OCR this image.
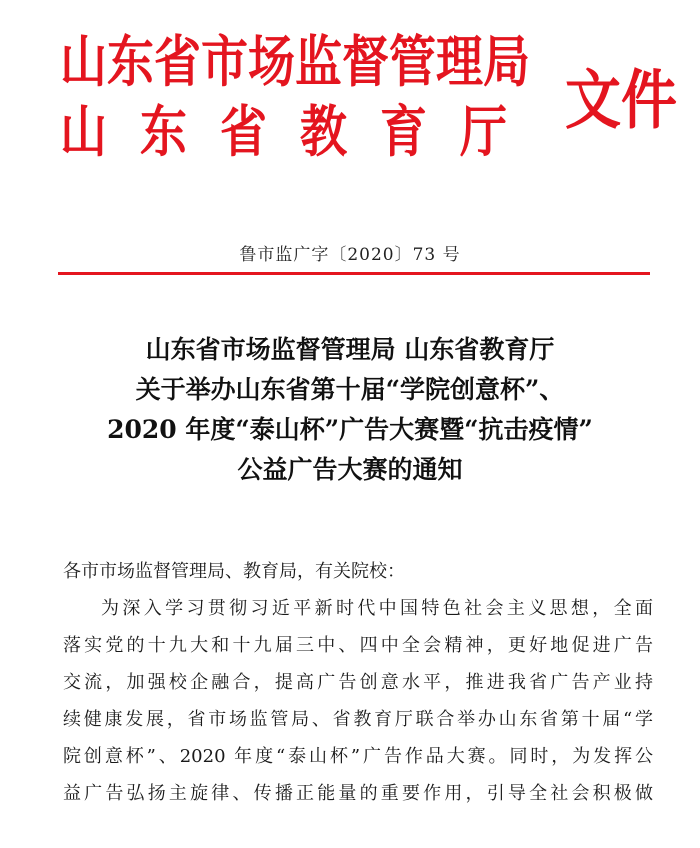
山东省市场监督管理局
山东省教育厅 文件
鲁市监广字〔2020〕73 号
山东省市场监督管理局 山东省教育厅
关于举办山东省第十届“学院创意杯”、
2020 年度“泰山杯”广告大赛暨“抗击疫情”
公益广告大赛的通知
各市市场监督管理局、教育局，有关院校：
为深入学习贯彻习近平新时代中国特色社会主义思想，全面
落实党的十九大和十九届三中、四中全会精神，更好地促进广告
交流，加强校企融合，提高广告创意水平，推进我省广告产业持
续健康发展，省市场监管局、省教育厅联合举办山东省第十届“学
院创意杯”、2020 年度“泰山杯”广告作品大赛。同时，为发挥公
益广告弘扬主旋律、传播正能量的重要作用，引导全社会积极做
